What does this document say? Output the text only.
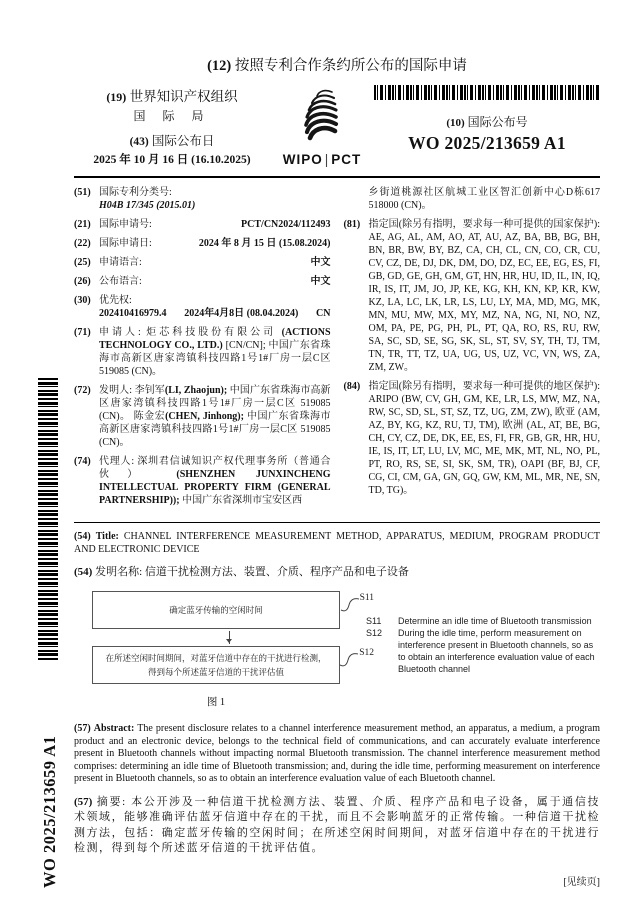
WO 2025/213659 A1
(12) 按照专利合作条约所公布的国际申请
(19) 世界知识产权组织
国 际 局
(43) 国际公布日
2025 年 10 月 16 日 (16.10.2025)	WIPO | PCT
(10) 国际公布号
WO 2025/213659 A1
(51) 国际专利分类号:
H04B 17/345 (2015.01)
(21) 国际申请号:	PCT/CN2024/112493
(22) 国际申请日:	2024 年 8 月 15 日 (15.08.2024)
(25) 申请语言:	中文
(26) 公布语言:	中文
(30) 优先权:
202410416979.4 2024年4月8日 (08.04.2024) CN
(71) 申请人: 炬芯科技股份有限公司 (ACTIONS TECHNOLOGY CO., LTD.) [CN/CN]; 中国广东省珠海市高新区唐家湾镇科技四路1号1#厂房一层C区 519085 (CN)。
(72) 发明人: 李钊军(LI, Zhaojun); 中国广东省珠海市高新区唐家湾镇科技四路1号1#厂房一层C区 519085 (CN)。 陈金宏(CHEN, Jinhong); 中国广东省珠海市高新区唐家湾镇科技四路1号1#厂房一层C区 519085 (CN)。
(74) 代理人: 深圳君信诚知识产权代理事务所（普通合伙） (SHENZHEN JUNXINCHENG INTELLECTUAL PROPERTY FIRM (GENERAL PARTNERSHIP)); 中国广东省深圳市宝安区西
乡街道桃源社区航城工业区智汇创新中心D栋617 518000 (CN)。
(81) 指定国(除另有指明，要求每一种可提供的国家保护): AE, AG, AL, AM, AO, AT, AU, AZ, BA, BB, BG, BH, BN, BR, BW, BY, BZ, CA, CH, CL, CN, CO, CR, CU, CV, CZ, DE, DJ, DK, DM, DO, DZ, EC, EE, EG, ES, FI, GB, GD, GE, GH, GM, GT, HN, HR, HU, ID, IL, IN, IQ, IR, IS, IT, JM, JO, JP, KE, KG, KH, KN, KP, KR, KW, KZ, LA, LC, LK, LR, LS, LU, LY, MA, MD, MG, MK, MN, MU, MW, MX, MY, MZ, NA, NG, NI, NO, NZ, OM, PA, PE, PG, PH, PL, PT, QA, RO, RS, RU, RW, SA, SC, SD, SE, SG, SK, SL, ST, SV, SY, TH, TJ, TM, TN, TR, TT, TZ, UA, UG, US, UZ, VC, VN, WS, ZA, ZM, ZW。
(84) 指定国(除另有指明，要求每一种可提供的地区保护): ARIPO (BW, CV, GH, GM, KE, LR, LS, MW, MZ, NA, RW, SC, SD, SL, ST, SZ, TZ, UG, ZM, ZW), 欧亚 (AM, AZ, BY, KG, KZ, RU, TJ, TM), 欧洲 (AL, AT, BE, BG, CH, CY, CZ, DE, DK, EE, ES, FI, FR, GB, GR, HR, HU, IE, IS, IT, LT, LU, LV, MC, ME, MK, MT, NL, NO, PL, PT, RO, RS, SE, SI, SK, SM, TR), OAPI (BF, BJ, CF, CG, CI, CM, GA, GN, GQ, GW, KM, ML, MR, NE, SN, TD, TG)。
(54) Title: CHANNEL INTERFERENCE MEASUREMENT METHOD, APPARATUS, MEDIUM, PROGRAM PRODUCT AND ELECTRONIC DEVICE
(54) 发明名称: 信道干扰检测方法、装置、介质、程序产品和电子设备
确定蓝牙传输的空闲时间
S11
在所述空闲时间期间，对蓝牙信道中存在的干扰进行检测，得到每个所述蓝牙信道的干扰评估值
S12
图 1
S11	Determine an idle time of Bluetooth transmission
S12	During the idle time, perform measurement on interference present in Bluetooth channels, so as to obtain an interference evaluation value of each Bluetooth channel
(57) Abstract: The present disclosure relates to a channel interference measurement method, an apparatus, a medium, a program product and an electronic device, belongs to the technical field of communications, and can accurately evaluate interference present in Bluetooth channels without impacting normal Bluetooth transmission. The channel interference measurement method comprises: determining an idle time of Bluetooth transmission; and, during the idle time, performing measurement on interference present in Bluetooth channels, so as to obtain an interference evaluation value of each Bluetooth channel.
(57) 摘要: 本公开涉及一种信道干扰检测方法、装置、介质、程序产品和电子设备，属于通信技术领域，能够准确评估蓝牙信道中存在的干扰，而且不会影响蓝牙的正常传输。一种信道干扰检测方法，包括：确定蓝牙传输的空闲时间；在所述空闲时间期间，对蓝牙信道中存在的干扰进行检测，得到每个所述蓝牙信道的干扰评估值。
[见续页]
